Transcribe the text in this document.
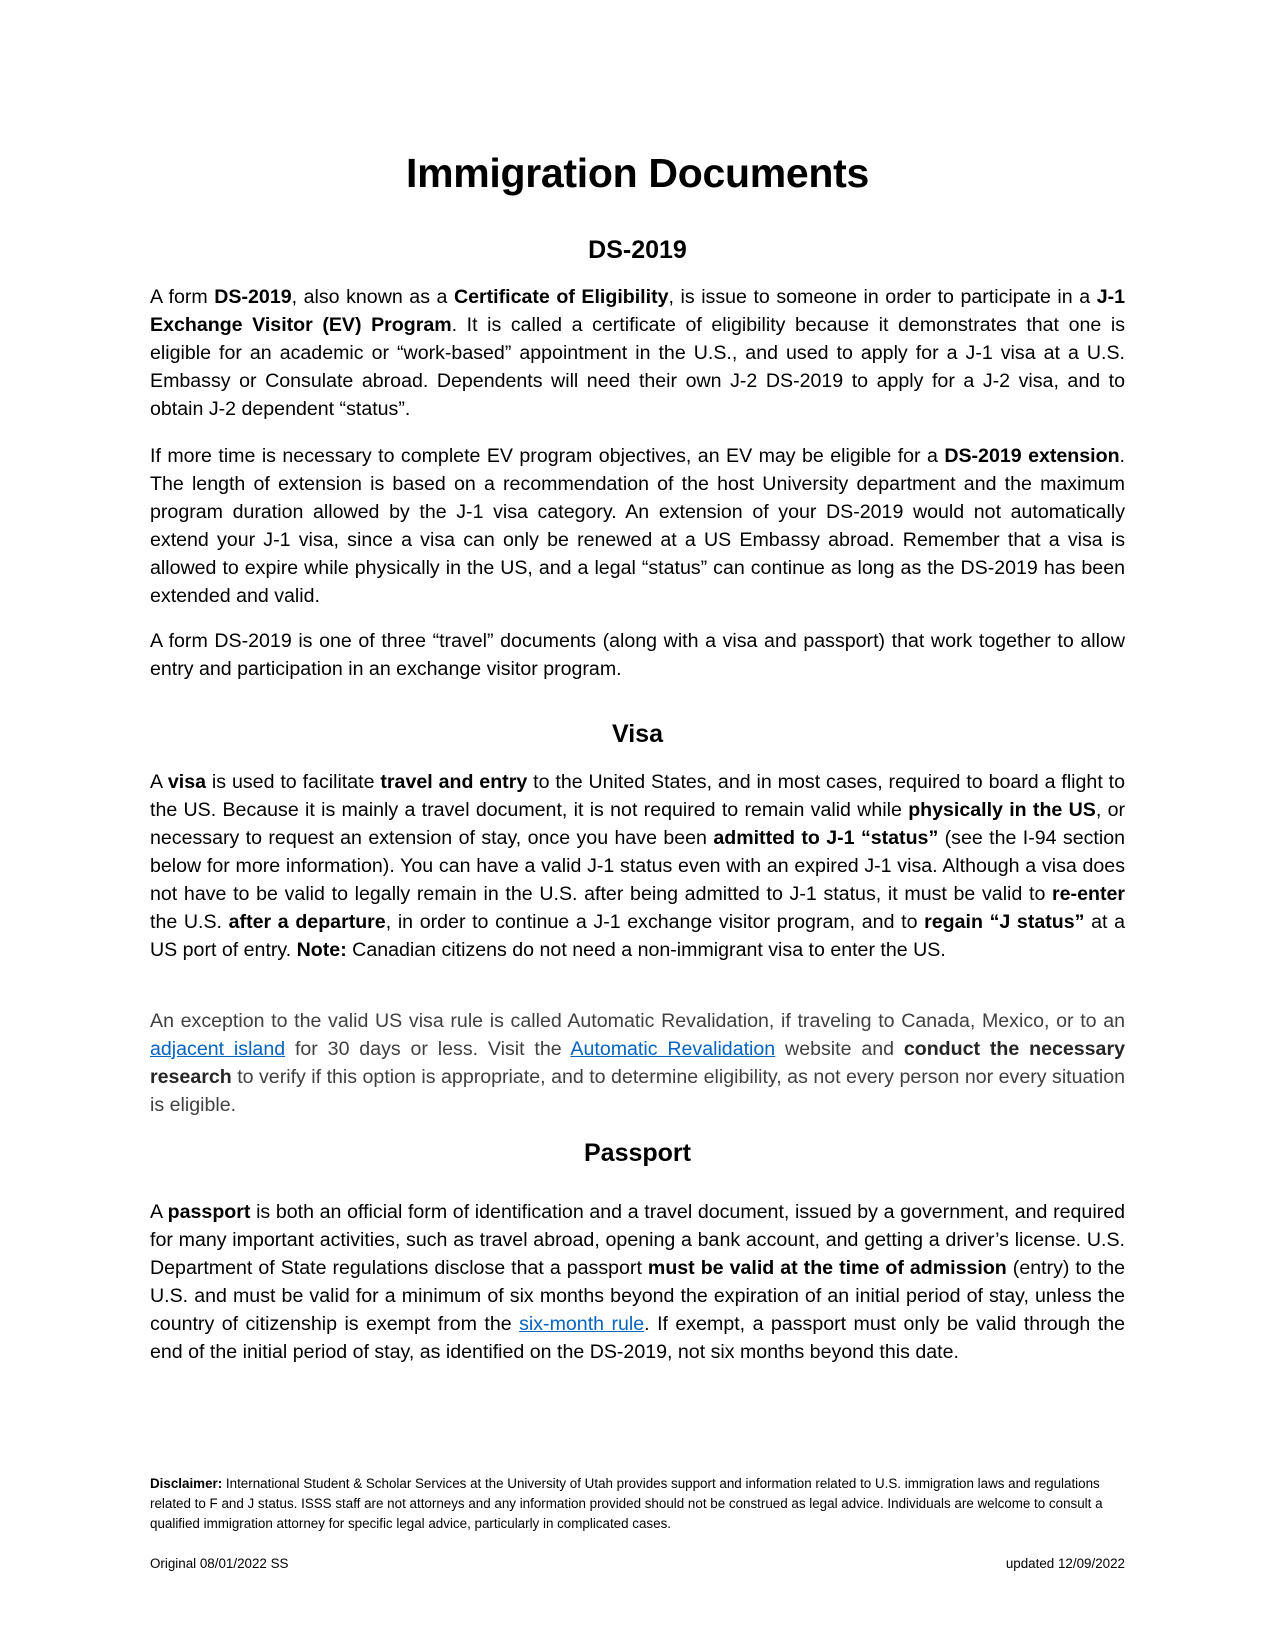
Immigration Documents
DS-2019

A form DS-2019, also known as a Certificate of Eligibility, is issue to someone in order to participate in a J-1 Exchange Visitor (EV) Program. It is called a certificate of eligibility because it demonstrates that one is eligible for an academic or “work-based” appointment in the U.S., and used to apply for a J-1 visa at a U.S. Embassy or Consulate abroad. Dependents will need their own J-2 DS-2019 to apply for a J-2 visa, and to obtain J-2 dependent “status”.

If more time is necessary to complete EV program objectives, an EV may be eligible for a DS-2019 extension. The length of extension is based on a recommendation of the host University department and the maximum program duration allowed by the J-1 visa category. An extension of your DS-2019 would not automatically extend your J-1 visa, since a visa can only be renewed at a US Embassy abroad. Remember that a visa is allowed to expire while physically in the US, and a legal “status” can continue as long as the DS-2019 has been extended and valid.

A form DS-2019 is one of three “travel” documents (along with a visa and passport) that work together to allow entry and participation in an exchange visitor program.

Visa

A visa is used to facilitate travel and entry to the United States, and in most cases, required to board a flight to the US. Because it is mainly a travel document, it is not required to remain valid while physically in the US, or necessary to request an extension of stay, once you have been admitted to J-1 “status” (see the I-94 section below for more information). You can have a valid J-1 status even with an expired J-1 visa. Although a visa does not have to be valid to legally remain in the U.S. after being admitted to J-1 status, it must be valid to re-enter the U.S. after a departure, in order to continue a J-1 exchange visitor program, and to regain “J status” at a US port of entry. Note: Canadian citizens do not need a non-immigrant visa to enter the US.

An exception to the valid US visa rule is called Automatic Revalidation, if traveling to Canada, Mexico, or to an adjacent island for 30 days or less. Visit the Automatic Revalidation website and conduct the necessary research to verify if this option is appropriate, and to determine eligibility, as not every person nor every situation is eligible.

Passport

A passport is both an official form of identification and a travel document, issued by a government, and required for many important activities, such as travel abroad, opening a bank account, and getting a driver’s license. U.S. Department of State regulations disclose that a passport must be valid at the time of admission (entry) to the U.S. and must be valid for a minimum of six months beyond the expiration of an initial period of stay, unless the country of citizenship is exempt from the six-month rule. If exempt, a passport must only be valid through the end of the initial period of stay, as identified on the DS-2019, not six months beyond this date.

Disclaimer: International Student & Scholar Services at the University of Utah provides support and information related to U.S. immigration laws and regulations related to F and J status. ISSS staff are not attorneys and any information provided should not be construed as legal advice. Individuals are welcome to consult a qualified immigration attorney for specific legal advice, particularly in complicated cases.

Original 08/01/2022 SS	updated 12/09/2022
